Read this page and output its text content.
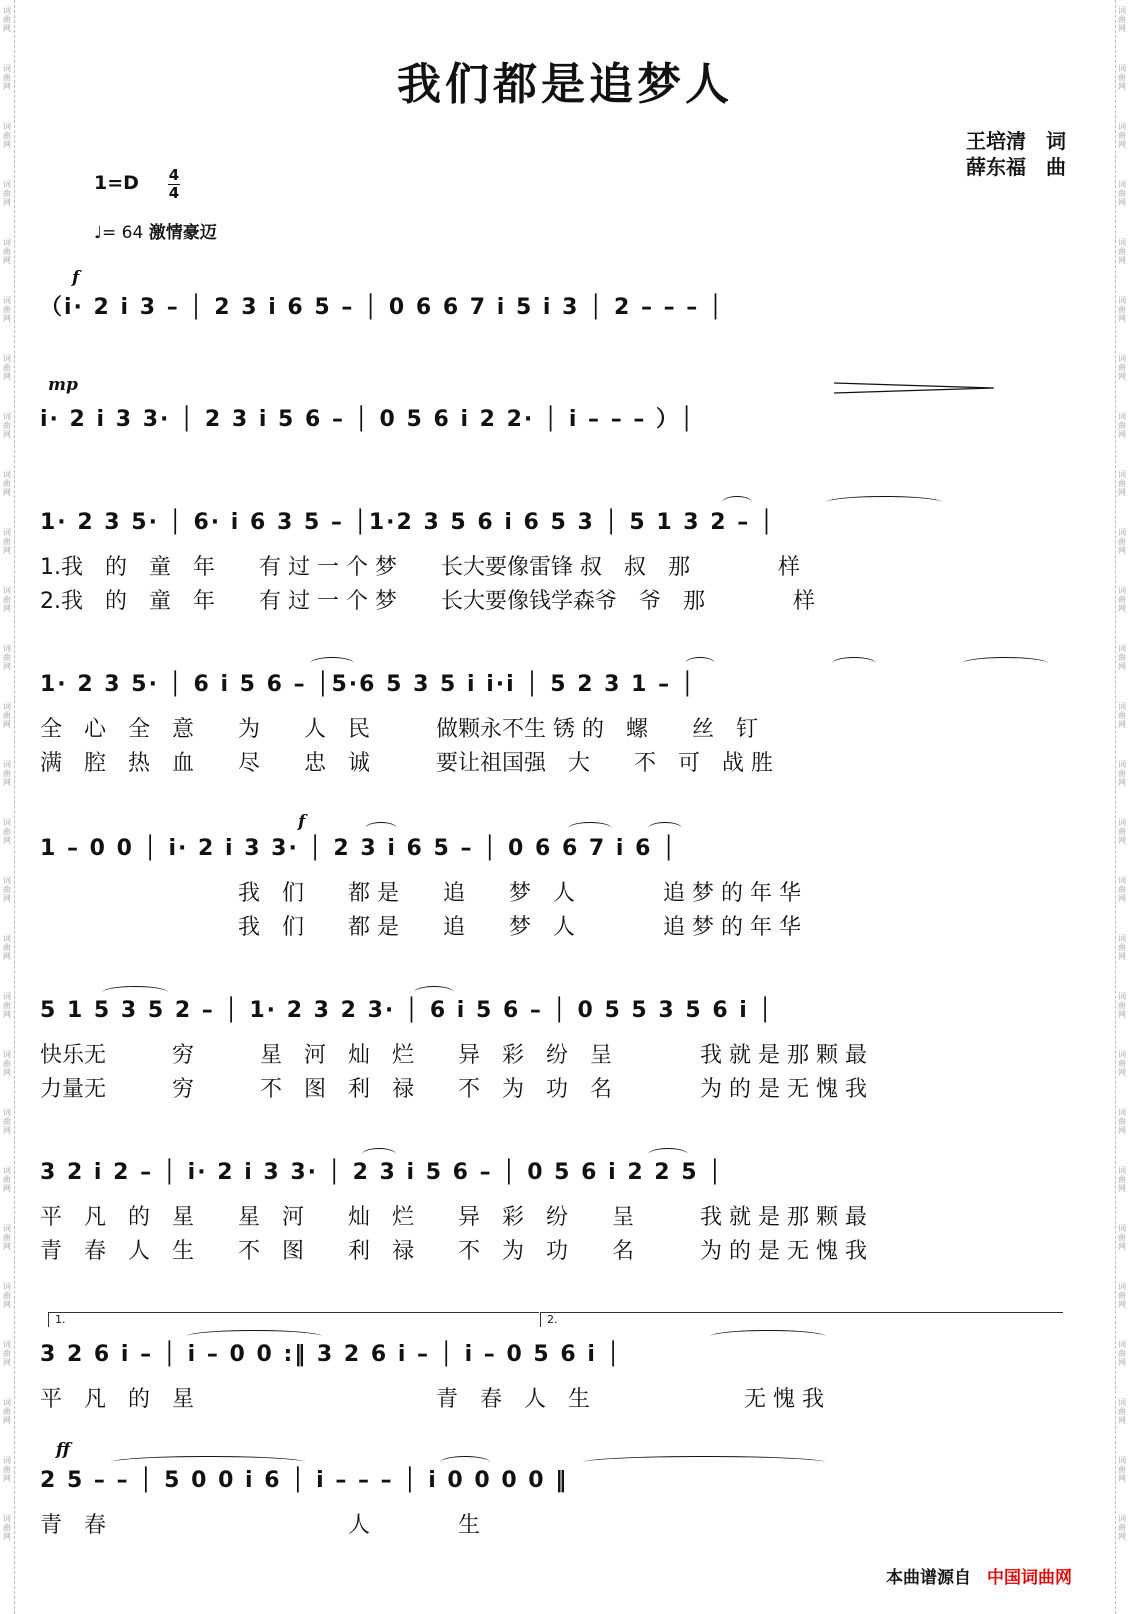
词
曲
网
词
曲
网
词
曲
网
词
曲
网
词
曲
网
词
曲
网
词
曲
网
词
曲
网
词
曲
网
词
曲
网
词
曲
网
词
曲
网
词
曲
网
词
曲
网
词
曲
网
词
曲
网
词
曲
网
词
曲
网
词
曲
网
词
曲
网
词
曲
网
词
曲
网
词
曲
网
词
曲
网
词
曲
网
词
曲
网
词
曲
网
词
曲
网
词
曲
网
词
曲
网
词
曲
网
词
曲
网
词
曲
网
词
曲
网
词
曲
网
词
曲
网
词
曲
网
词
曲
网
词
曲
网
词
曲
网
词
曲
网
词
曲
网
词
曲
网
词
曲
网
词
曲
网
词
曲
网
词
曲
网
词
曲
网
词
曲
网
词
曲
网
词
曲
网
词
曲
网
词
曲
网
词
曲
网
我们都是追梦人
王培清　词
薛东福　曲
1=D 4
4
♩= 64 激情豪迈
f
mp
f
ff
1.	2.
（i· 2 i 3 – │ 2 3 i 6 5 – │ 0 6 6 7 i 5 i 3 │ 2 – – – │
i· 2 i 3 3· │ 2 3 i 5 6 – │ 0 5 6 i 2 2· │ i – – – ）│
1· 2 3 5· │ 6· i 6 3 5 – │1·2 3 5 6 i 6 5 3 │ 5 1 3 2 – │
1.我　的　童　年　　有 过 一 个 梦　　长大要像雷锋 叔　叔　那　　　　样
2.我　的　童　年　　有 过 一 个 梦　　长大要像钱学森爷　爷　那　　　　样
1· 2 3 5· │ 6 i 5 6 – │5·6 5 3 5 i i·i │ 5 2 3 1 – │
全　心　全　意　　为　　人　民　　　做颗永不生 锈 的　螺　　丝　钉
满　腔　热　血　　尽　　忠　诚　　　要让祖国强　大　　不　可　战 胜
1 – 0 0 │ i· 2 i 3 3· │ 2 3 i 6 5 – │ 0 6 6 7 i 6 │
　　　　　　　　　我　们　　都 是　　追　　梦　人　　　　追 梦 的 年 华
　　　　　　　　　我　们　　都 是　　追　　梦　人　　　　追 梦 的 年 华
5 1 5 3 5 2 – │ 1· 2 3 2 3· │ 6 i 5 6 – │ 0 5 5 3 5 6 i │
快乐无　　　穷　　　星　河　灿　烂　　异　彩　纷　呈　　　　我 就 是 那 颗 最
力量无　　　穷　　　不　图　利　禄　　不　为　功　名　　　　为 的 是 无 愧 我
3 2 i 2 – │ i· 2 i 3 3· │ 2 3 i 5 6 – │ 0 5 6 i 2 2 5 │
平　凡　的　星　　星　河　　灿　烂　　异　彩　纷　　呈　　　我 就 是 那 颗 最
青　春　人　生　　不　图　　利　禄　　不　为　功　　名　　　为 的 是 无 愧 我
3 2 6 i – │ i – 0 0 :‖ 3 2 6 i – │ i – 0 5 6 i │
平　凡　的　星　　　　　　　　　　　青　春　人　生　　　　　　　无 愧 我
2 5 – – │ 5 0 0 i 6 │ i – – – │ i 0 0 0 0 ‖
青　春　　　　　　　　　　　人　　　　生
本曲谱源自 中国词曲网
